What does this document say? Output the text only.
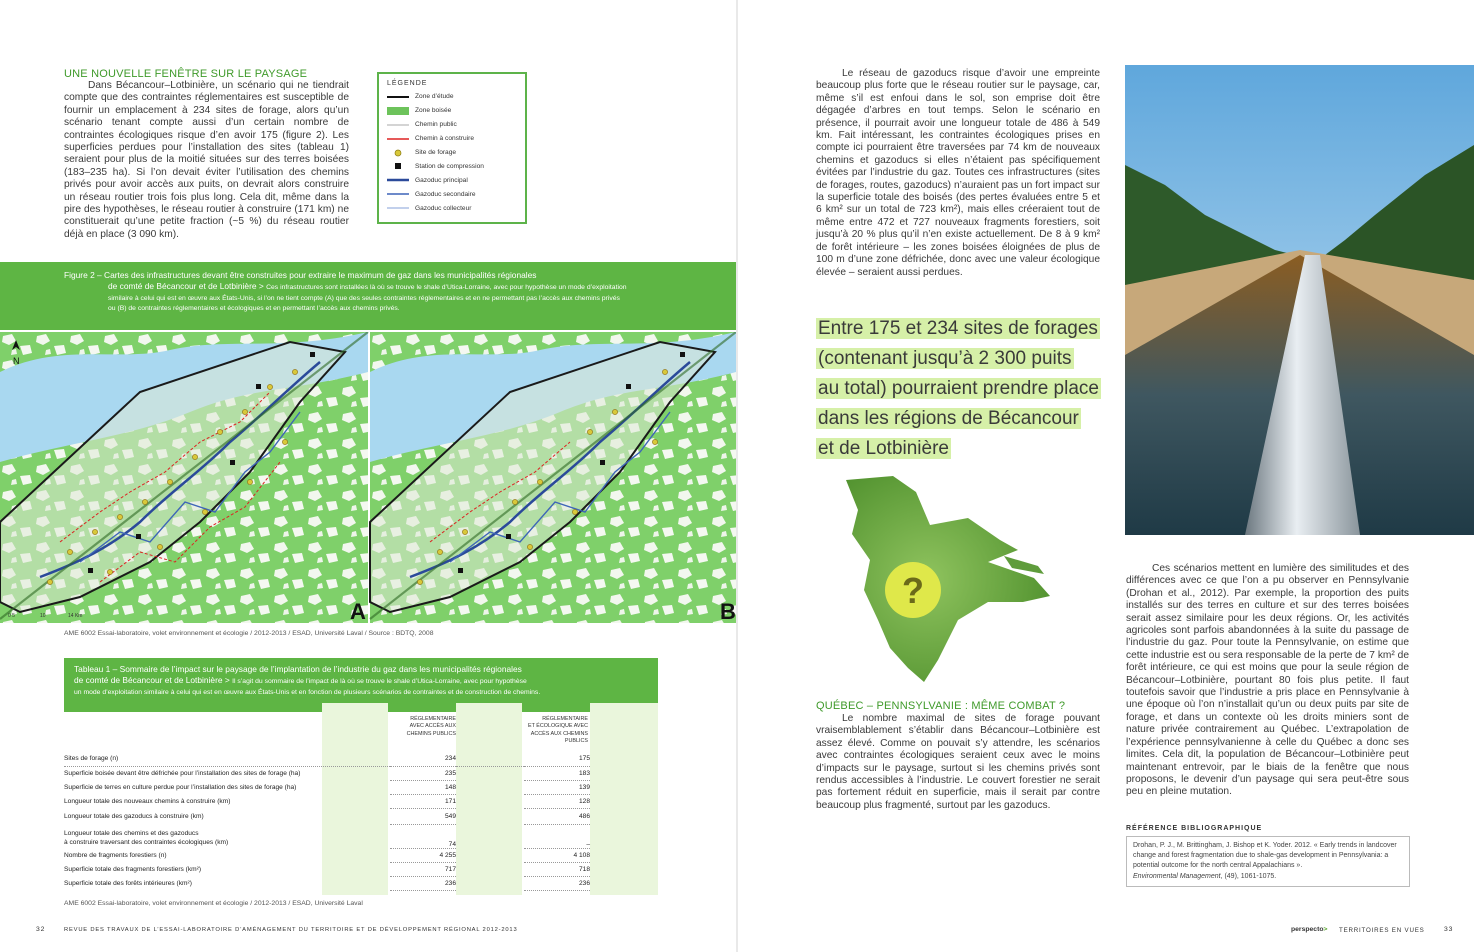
UNE NOUVELLE FENÊTRE SUR LE PAYSAGE

Dans Bécancour–Lotbinière, un scénario qui ne tiendrait compte que des contraintes réglementaires est susceptible de fournir un emplacement à 234 sites de forage, alors qu’un scénario tenant compte aussi d’un certain nombre de contraintes écologiques risque d’en avoir 175 (figure 2). Les superficies perdues pour l’installation des sites (tableau 1) seraient pour plus de la moitié situées sur des terres boisées (183–235 ha). Si l’on devait éviter l’utilisation des chemins privés pour avoir accès aux puits, on devrait alors construire un réseau routier trois fois plus long. Cela dit, même dans la pire des hypothèses, le réseau routier à construire (171 km) ne constituerait qu’une petite fraction (~5 %) du réseau routier déjà en place (3 090 km).

LÉGENDE
Zone d’étude
Zone boisée
Chemin public
Chemin à construire
Site de forage
Station de compression
Gazoduc principal
Gazoduc secondaire
Gazoduc collecteur
Figure 2 – Cartes des infrastructures devant être construites pour extraire le maximum de gaz dans les municipalités régionales
de comté de Bécancour et de Lotbinière > Ces infrastructures sont installées là où se trouve le shale d’Utica-Lorraine, avec pour hypothèse un mode d’exploitation
similaire à celui qui est en œuvre aux États-Unis, si l’on ne tient compte (A) que des seules contraintes réglementaires et en ne permettant pas l’accès aux chemins privés
ou (B) de contraintes réglementaires et écologiques et en permettant l’accès aux chemins privés.
A
0 5	10	14 Km
N
B
AME 6002 Essai-laboratoire, volet environnement et écologie / 2012-2013 / ESAD, Université Laval / Source : BDTQ, 2008
Tableau 1 – Sommaire de l’impact sur le paysage de l’implantation de l’industrie du gaz dans les municipalités régionales
de comté de Bécancour et de Lotbinière > Il s’agit du sommaire de l’impact de là où se trouve le shale d’Utica-Lorraine, avec pour hypothèse
un mode d’exploitation similaire à celui qui est en œuvre aux États-Unis et en fonction de plusieurs scénarios de contraintes et de construction de chemins.
RÉGLEMENTAIRE
AVEC ACCÈS AUX
CHEMINS PUBLICS
RÉGLEMENTAIRE
ET ÉCOLOGIQUE AVEC
ACCÈS AUX CHEMINS
PUBLICS
Sites de forage (n)	234		175
Superficie boisée devant être défrichée pour l’installation des sites de forage (ha)	235		183
Superficie de terres en culture perdue pour l’installation des sites de forage (ha)	148		139
Longueur totale des nouveaux chemins à construire (km)	171		128
Longueur totale des gazoducs à construire (km)	549		486

Longueur totale des chemins et des gazoducs
à construire traversant des contraintes écologiques (km)	74		–
Nombre de fragments forestiers (n)	4 255		4 108
Superficie totale des fragments forestiers (km²)	717		718
Superficie totale des forêts intérieures (km²)	236		236
AME 6002 Essai-laboratoire, volet environnement et écologie / 2012-2013 / ESAD, Université Laval
32	REVUE DES TRAVAUX DE L’ESSAI-LABORATOIRE D’AMÉNAGEMENT DU TERRITOIRE ET DE DÉVELOPPEMENT RÉGIONAL 2012-2013

Le réseau de gazoducs risque d’avoir une empreinte beaucoup plus forte que le réseau routier sur le paysage, car, même s’il est enfoui dans le sol, son emprise doit être dégagée d’arbres en tout temps. Selon le scénario en présence, il pourrait avoir une longueur totale de 486 à 549 km. Fait intéressant, les contraintes écologiques prises en compte ici pourraient être traversées par 74 km de nouveaux chemins et gazoducs si elles n’étaient pas spécifiquement évitées par l’industrie du gaz. Toutes ces infrastructures (sites de forages, routes, gazoducs) n’auraient pas un fort impact sur la superficie totale des boisés (des pertes évaluées entre 5 et 6 km² sur un total de 723 km²), mais elles créeraient tout de même entre 472 et 727 nouveaux fragments forestiers, soit jusqu’à 20 % plus qu’il n’en existe actuellement. De 8 à 9 km² de forêt intérieure – les zones boisées éloignées de plus de 100 m d’une zone défrichée, donc avec une valeur écologique élevée – seraient aussi perdues.

Entre 175 et 234 sites de forages
(contenant jusqu’à 2 300 puits
au total) pourraient prendre place
dans les régions de Bécancour
et de Lotbinière
?
QUÉBEC – PENNSYLVANIE : MÊME COMBAT ?

Le nombre maximal de sites de forage pouvant vraisemblablement s’établir dans Bécancour–Lotbinière est assez élevé. Comme on pouvait s’y attendre, les scénarios avec contraintes écologiques seraient ceux avec le moins d’impacts sur le paysage, surtout si les chemins privés sont rendus accessibles à l’industrie. Le couvert forestier ne serait pas fortement réduit en superficie, mais il serait par contre beaucoup plus fragmenté, surtout par les gazoducs.

Ces scénarios mettent en lumière des similitudes et des différences avec ce que l’on a pu observer en Pennsylvanie (Drohan et al., 2012). Par exemple, la proportion des puits installés sur des terres en culture et sur des terres boisées serait assez similaire pour les deux régions. Or, les activités agricoles sont parfois abandonnées à la suite du passage de l’industrie du gaz. Pour toute la Pennsylvanie, on estime que cette industrie est ou sera responsable de la perte de 7 km² de forêt intérieure, ce qui est moins que pour la seule région de Bécancour–Lotbinière, pourtant 80 fois plus petite. Il faut toutefois savoir que l’industrie a pris place en Pennsylvanie à une époque où l’on n’installait qu’un ou deux puits par site de forage, et dans un contexte où les droits miniers sont de nature privée contrairement au Québec. L’extrapolation de l’expérience pennsylvanienne à celle du Québec a donc ses limites. Cela dit, la population de Bécancour–Lotbinière peut maintenant entrevoir, par le biais de la fenêtre que nous proposons, le devenir d’un paysage qui sera peut-être sous peu en pleine mutation.

RÉFÉRENCE BIBLIOGRAPHIQUE
Drohan, P. J., M. Brittingham, J. Bishop et K. Yoder. 2012. « Early trends in landcover change and forest fragmentation due to shale-gas development in Pennsylvania: a potential outcome for the north central Appalachians ».
Environmental Management, (49), 1061-1075.
perspecto> TERRITOIRES EN VUES	33
